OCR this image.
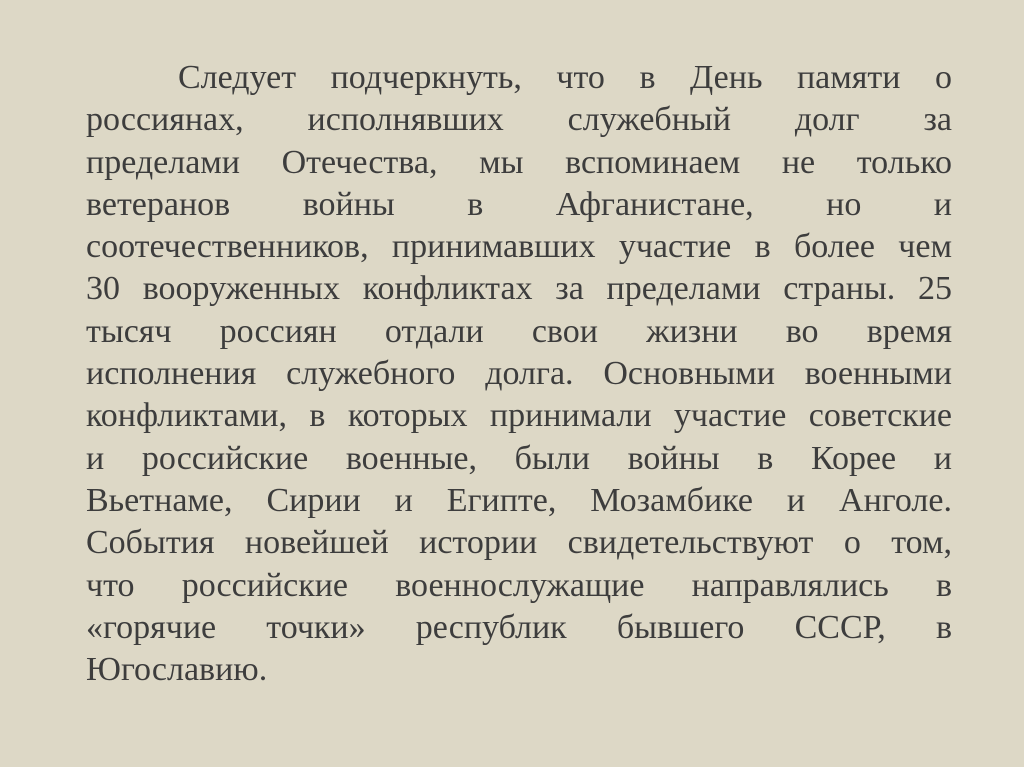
Следует подчеркнуть, что в День памяти о
россиянах, исполнявших служебный долг за
пределами Отечества, мы вспоминаем не только
ветеранов войны в Афганистане, но и
соотечественников, принимавших участие в более чем
30 вооруженных конфликтах за пределами страны. 25
тысяч россиян отдали свои жизни во время
исполнения служебного долга. Основными военными
конфликтами, в которых принимали участие советские
и российские военные, были войны в Корее и
Вьетнаме, Сирии и Египте, Мозамбике и Анголе.
События новейшей истории свидетельствуют о том,
что российские военнослужащие направлялись в
«горячие точки» республик бывшего СССР, в
Югославию.
